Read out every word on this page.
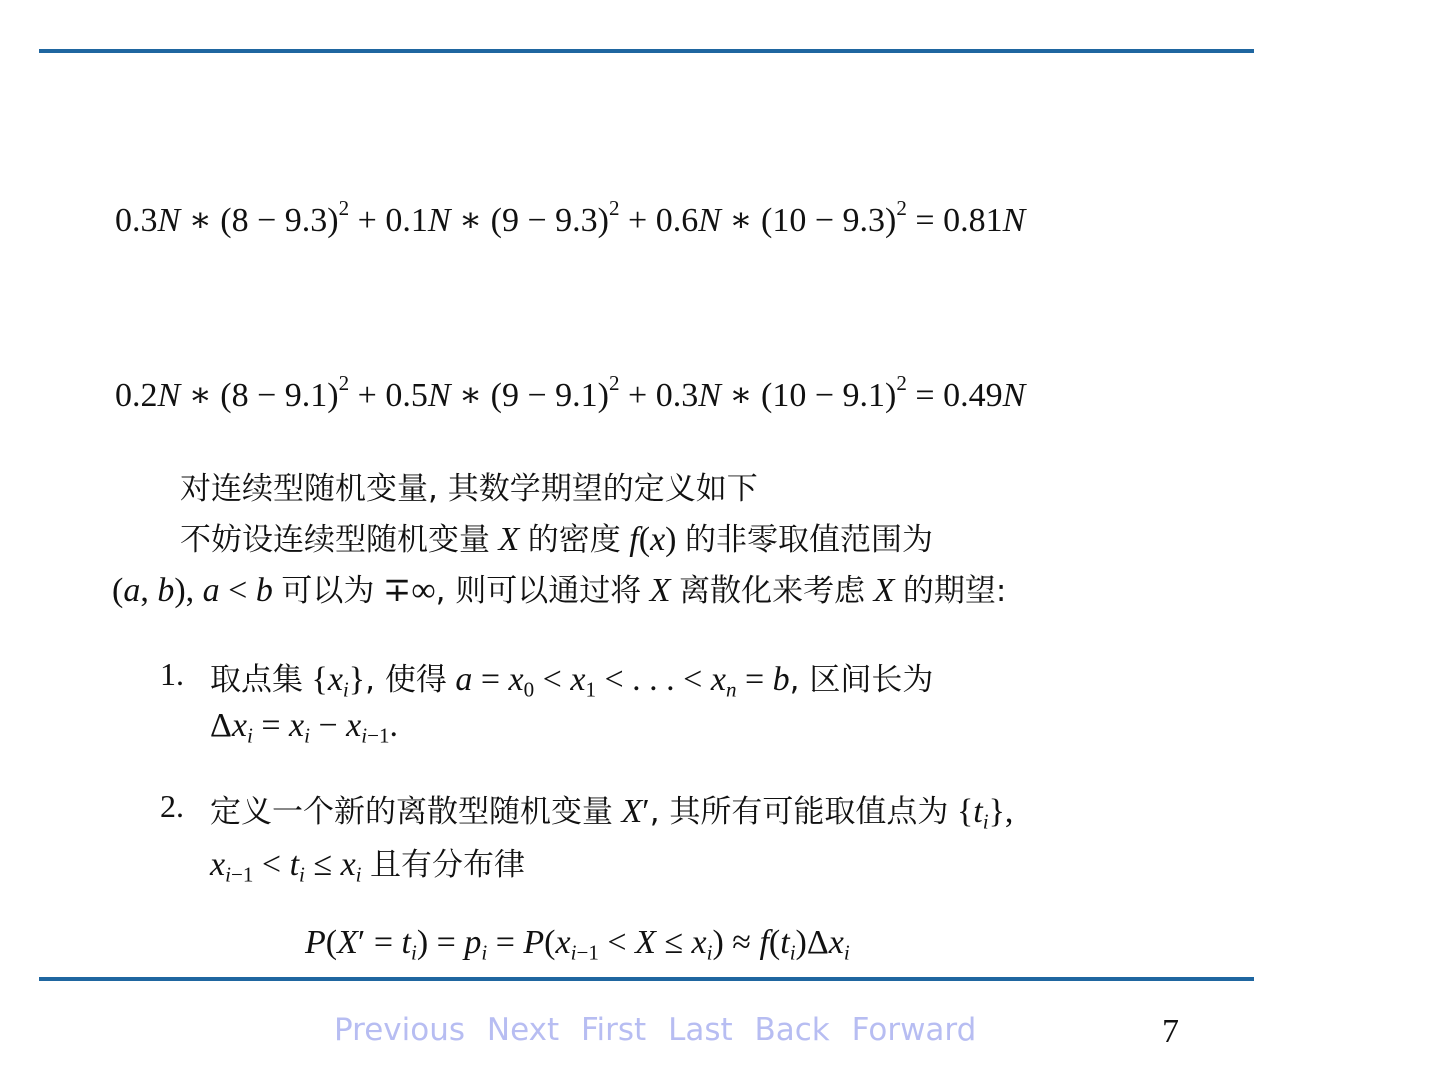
0.3N ∗ $(8 - 9.3)^2 + 0.1N$ ∗ $(9 - 9.3)^2 + 0.6N$ ∗ $(10 - 9.3)^2 = 0.81N$
0.2N ∗ $(8 - 9.1)^2 + 0.5N$ ∗ $(9 - 9.1)^2 + 0.3N$ ∗ $(10 - 9.1)^2 = 0.49N$
对连续型随机变量, 其数学期望的定义如下
不妨设连续型随机变量 X 的密度 f(x) 的非零取值范围为
(a, b), a < b 可以为 ∓∞, 则可以通过将 X 离散化来考虑 X 的期望:
1. 取点集 $\{x_i\}$, 使得 $a = x_0 < x_1$ < . . . < $x_n = b$, 区间长为
$\Delta x_i = x_i - x_{i-1}$.
2. 定义一个新的离散型随机变量 X′, 其所有可能取值点为 $\{t_i\}$,
$x_{i-1} < t_i \le x_i$ 且有分布律
$P(X' = t_i) = p_i = P(x_{i-1} < X \le x_i) \approx f(t_i)\Delta x_i$
Previous Next First Last Back Forward	7
